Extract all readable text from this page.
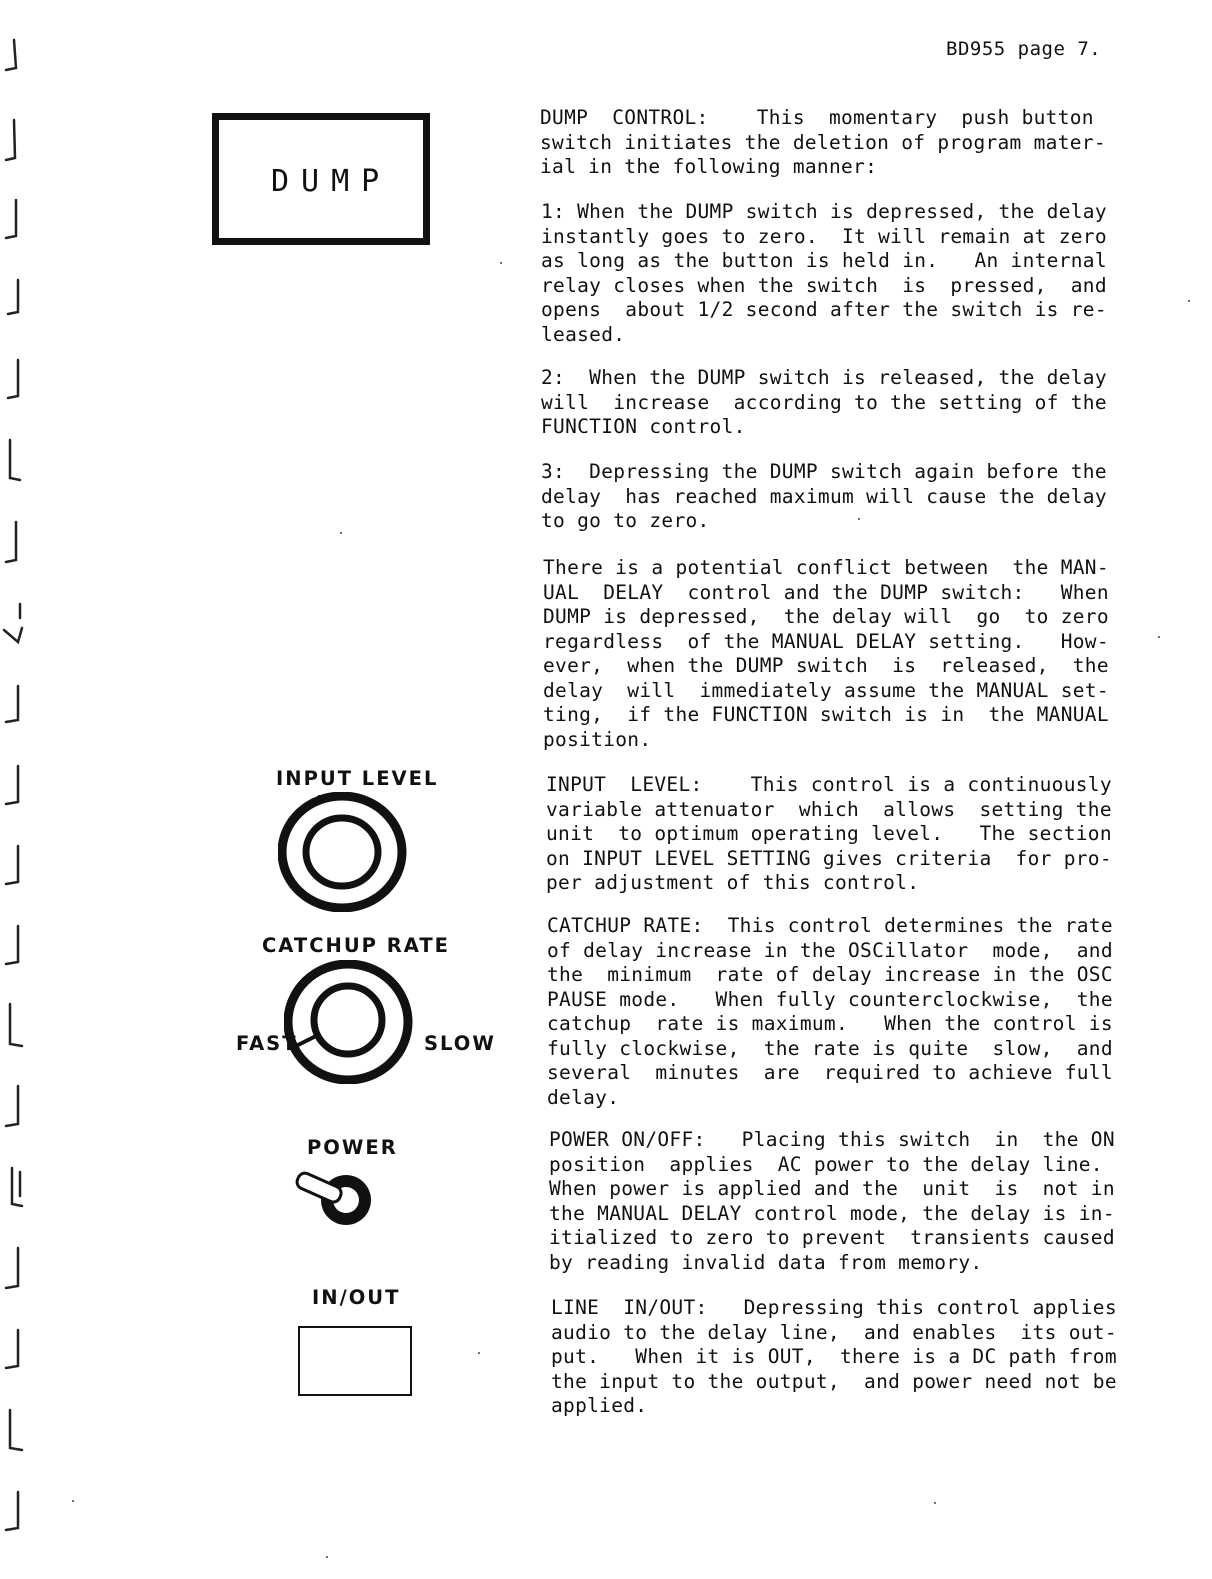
BD955 page 7.
DUMP
INPUT LEVEL
CATCHUP RATE
FAST	SLOW
POWER
IN/OUT
DUMP  CONTROL:    This  momentary  push button
switch initiates the deletion of program mater-
ial in the following manner:
1: When the DUMP switch is depressed, the delay
instantly goes to zero.  It will remain at zero
as long as the button is held in.   An internal
relay closes when the switch  is  pressed,  and
opens  about 1/2 second after the switch is re-
leased.
2:  When the DUMP switch is released, the delay
will  increase  according to the setting of the
FUNCTION control.
3:  Depressing the DUMP switch again before the
delay  has reached maximum will cause the delay
to go to zero.
There is a potential conflict between  the MAN-
UAL  DELAY  control and the DUMP switch:   When
DUMP is depressed,  the delay will  go  to zero
regardless  of the MANUAL DELAY setting.   How-
ever,  when the DUMP switch  is  released,  the
delay  will  immediately assume the MANUAL set-
ting,  if the FUNCTION switch is in  the MANUAL
position.
INPUT  LEVEL:    This control is a continuously
variable attenuator  which  allows  setting the
unit  to optimum operating level.   The section
on INPUT LEVEL SETTING gives criteria  for pro-
per adjustment of this control.
CATCHUP RATE:  This control determines the rate
of delay increase in the OSCillator  mode,  and
the  minimum  rate of delay increase in the OSC
PAUSE mode.   When fully counterclockwise,  the
catchup  rate is maximum.   When the control is
fully clockwise,  the rate is quite  slow,  and
several  minutes  are  required to achieve full
delay.
POWER ON/OFF:   Placing this switch  in  the ON
position  applies  AC power to the delay line.
When power is applied and the  unit  is  not in
the MANUAL DELAY control mode, the delay is in-
itialized to zero to prevent  transients caused
by reading invalid data from memory.
LINE  IN/OUT:   Depressing this control applies
audio to the delay line,  and enables  its out-
put.   When it is OUT,  there is a DC path from
the input to the output,  and power need not be
applied.
